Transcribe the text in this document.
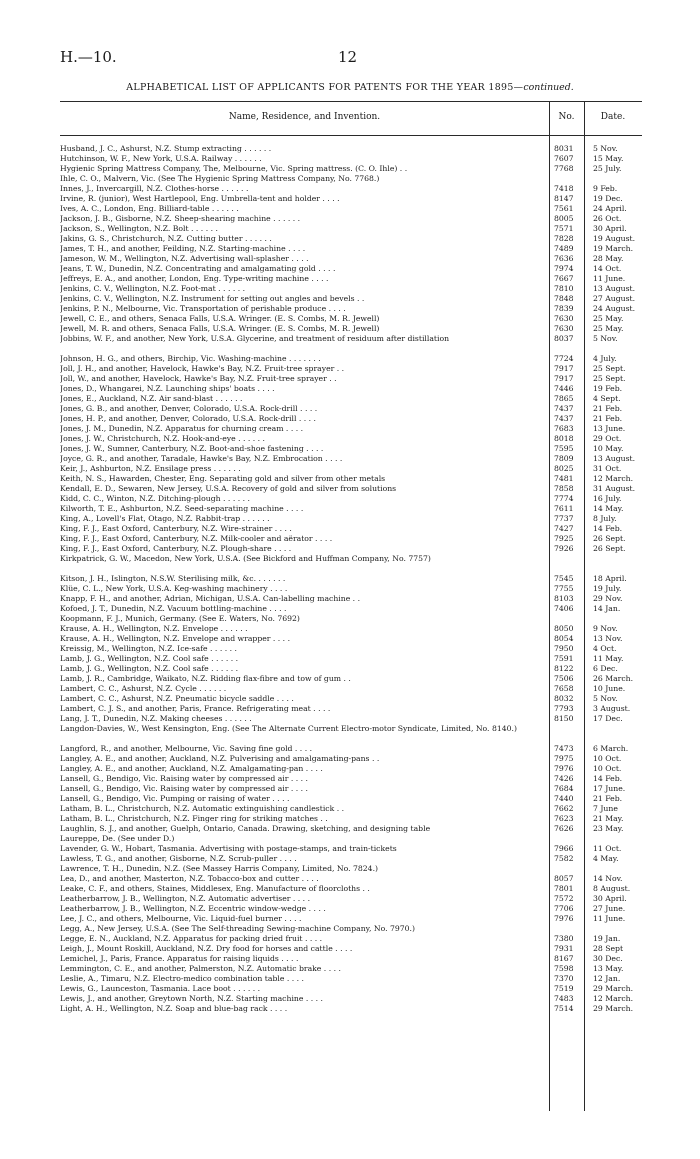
H.—10.	12
ALPHABETICAL LIST OF APPLICANTS FOR PATENTS FOR THE YEAR 1895—continued.
Name, Residence, and Invention.	No.	Date.
Husband, J. C., Ashurst, N.Z. Stump extracting . . . . . .	8031	5 Nov.
Hutchinson, W. F., New York, U.S.A. Railway . . . . . .	7607	15 May.
Hygienic Spring Mattress Company, The, Melbourne, Vic. Spring mattress. (C. O. Ihle) . .	7768	25 July.
Ihle, C. O., Malvern, Vic. (See The Hygienic Spring Mattress Company, No. 7768.)
Innes, J., Invercargill, N.Z. Clothes-horse . . . . . .	7418	9 Feb.
Irvine, R. (junior), West Hartlepool, Eng. Umbrella-tent and holder . . . .	8147	19 Dec.
Ives, A. C., London, Eng. Billiard-table . . . . . .	7561	24 April.
Jackson, J. B., Gisborne, N.Z. Sheep-shearing machine . . . . . .	8005	26 Oct.
Jackson, S., Wellington, N.Z. Bolt . . . . . .	7571	30 April.
Jakins, G. S., Christchurch, N.Z. Cutting butter . . . . . .	7828	19 August.
James, T. H., and another, Feilding, N.Z. Starting-machine . . . .	7489	19 March.
Jameson, W. M., Wellington, N.Z. Advertising wall-splasher . . . .	7636	28 May.
Jeans, T. W., Dunedin, N.Z. Concentrating and amalgamating gold . . . .	7974	14 Oct.
Jeffreys, E. A., and another, London, Eng. Type-writing machine . . . .	7667	11 June.
Jenkins, C. V., Wellington, N.Z. Foot-mat . . . . . .	7810	13 August.
Jenkins, C. V., Wellington, N.Z. Instrument for setting out angles and bevels . .	7848	27 August.
Jenkins, P. N., Melbourne, Vic. Transportation of perishable produce . . . .	7839	24 August.
Jewell, C. E., and others, Senaca Falls, U.S.A. Wringer. (E. S. Combs, M. R. Jewell)	7630	25 May.
Jewell, M. R. and others, Senaca Falls, U.S.A. Wringer. (E. S. Combs, M. R. Jewell)	7630	25 May.
Jobbins, W. F., and another, New York, U.S.A. Glycerine, and treatment of residuum after distillation	8037	5 Nov.
Johnson, H. G., and others, Birchip, Vic. Washing-machine . . . . . . .	7724	4 July.
Joll, J. H., and another, Havelock, Hawke's Bay, N.Z. Fruit-tree sprayer . .	7917	25 Sept.
Joll, W., and another, Havelock, Hawke's Bay, N.Z. Fruit-tree sprayer . .	7917	25 Sept.
Jones, D., Whangarei, N.Z. Launching ships' boats . . . .	7446	19 Feb.
Jones, E., Auckland, N.Z. Air sand-blast . . . . . .	7865	4 Sept.
Jones, G. B., and another, Denver, Colorado, U.S.A. Rock-drill . . . .	7437	21 Feb.
Jones, H. P., and another, Denver, Colorado, U.S.A. Rock-drill . . . .	7437	21 Feb.
Jones, J. M., Dunedin, N.Z. Apparatus for churning cream . . . .	7683	13 June.
Jones, J. W., Christchurch, N.Z. Hook-and-eye . . . . . .	8018	29 Oct.
Jones, J. W., Sumner, Canterbury, N.Z. Boot-and-shoe fastening . . . .	7595	10 May.
Joyce, G. R., and another, Taradale, Hawke's Bay, N.Z. Embrocation . . . .	7809	13 August.
Keir, J., Ashburton, N.Z. Ensilage press . . . . . .	8025	31 Oct.
Keith, N. S., Hawarden, Chester, Eng. Separating gold and silver from other metals	7481	12 March.
Kendall, E. D., Sewaren, New Jersey, U.S.A. Recovery of gold and silver from solutions	7858	31 August.
Kidd, C. C., Winton, N.Z. Ditching-plough . . . . . .	7774	16 July.
Kilworth, T. E., Ashburton, N.Z. Seed-separating machine . . . .	7611	14 May.
King, A., Lovell's Flat, Otago, N.Z. Rabbit-trap . . . . . .	7737	8 July.
King, F. J., East Oxford, Canterbury, N.Z. Wire-strainer . . . .	7427	14 Feb.
King, F. J., East Oxford, Canterbury, N.Z. Milk-cooler and aërator . . . .	7925	26 Sept.
King, F. J., East Oxford, Canterbury, N.Z. Plough-share . . . .	7926	26 Sept.
Kirkpatrick, G. W., Macedon, New York, U.S.A. (See Bickford and Huffman Company, No. 7757)
Kitson, J. H., Islington, N.S.W. Sterilising milk, &c. . . . . . .	7545	18 April.
Klüe, C. L., New York, U.S.A. Keg-washing machinery . . . .	7755	19 July.
Knapp, F. H., and another, Adrian, Michigan, U.S.A. Can-labelling machine . .	8103	29 Nov.
Kofoed, J. T., Dunedin, N.Z. Vacuum bottling-machine . . . .	7406	14 Jan.
Koopmann, F. J., Munich, Germany. (See E. Waters, No. 7692)
Krause, A. H., Wellington, N.Z. Envelope . . . . . .	8050	9 Nov.
Krause, A. H., Wellington, N.Z. Envelope and wrapper . . . .	8054	13 Nov.
Kreissig, M., Wellington, N.Z. Ice-safe . . . . . .	7950	4 Oct.
Lamb, J. G., Wellington, N.Z. Cool safe . . . . . .	7591	11 May.
Lamb, J. G., Wellington, N.Z. Cool safe . . . . . .	8122	6 Dec.
Lamb, J. R., Cambridge, Waikato, N.Z. Ridding flax-fibre and tow of gum . .	7506	26 March.
Lambert, C. C., Ashurst, N.Z. Cycle . . . . . .	7658	10 June.
Lambert, C. C., Ashurst, N.Z. Pneumatic bicycle saddle . . . .	8032	5 Nov.
Lambert, C. J. S., and another, Paris, France. Refrigerating meat . . . .	7793	3 August.
Lang, J. T., Dunedin, N.Z. Making cheeses . . . . . .	8150	17 Dec.
Langdon-Davies, W., West Kensington, Eng. (See The Alternate Current Electro-motor Syndicate, Limited, No. 8140.)
Langford, R., and another, Melbourne, Vic. Saving fine gold . . . .	7473	6 March.
Langley, A. E., and another, Auckland, N.Z. Pulverising and amalgamating-pans . .	7975	10 Oct.
Langley, A. E., and another, Auckland, N.Z. Amalgamating-pan . . . .	7976	10 Oct.
Lansell, G., Bendigo, Vic. Raising water by compressed air . . . .	7426	14 Feb.
Lansell, G., Bendigo, Vic. Raising water by compressed air . . . .	7684	17 June.
Lansell, G., Bendigo, Vic. Pumping or raising of water . . . .	7440	21 Feb.
Latham, B. L., Christchurch, N.Z. Automatic extinguishing candlestick . .	7662	7 June
Latham, B. L., Christchurch, N.Z. Finger ring for striking matches . .	7623	21 May.
Laughlin, S. J., and another, Guelph, Ontario, Canada. Drawing, sketching, and designing table	7626	23 May.
Laureppe, De. (See under D.)
Lavender, G. W., Hobart, Tasmania. Advertising with postage-stamps, and train-tickets	7966	11 Oct.
Lawless, T. G., and another, Gisborne, N.Z. Scrub-puller . . . .	7582	4 May.
Lawrence, T. H., Dunedin, N.Z. (See Massey Harris Company, Limited, No. 7824.)
Lea, D., and another, Masterton, N.Z. Tobacco-box and cutter . . . .	8057	14 Nov.
Leake, C. F., and others, Staines, Middlesex, Eng. Manufacture of floorcloths . .	7801	8 August.
Leatherbarrow, J. B., Wellington, N.Z. Automatic advertiser . . . .	7572	30 April.
Leatherbarrow, J. B., Wellington, N.Z. Eccentric window-wedge . . . .	7706	27 June.
Lee, J. C., and others, Melbourne, Vic. Liquid-fuel burner . . . .	7976	11 June.
Legg, A., New Jersey, U.S.A. (See The Self-threading Sewing-machine Company, No. 7970.)
Legge, E. N., Auckland, N.Z. Apparatus for packing dried fruit . . . .	7380	19 Jan.
Leigh, J., Mount Roskill, Auckland, N.Z. Dry food for horses and cattle . . . .	7931	28 Sept
Lemichel, J., Paris, France. Apparatus for raising liquids . . . .	8167	30 Dec.
Lemmington, C. E., and another, Palmerston, N.Z. Automatic brake . . . .	7598	13 May.
Leslie, A., Timaru, N.Z. Electro-medico combination table . . . .	7370	12 Jan.
Lewis, G., Launceston, Tasmania. Lace boot . . . . . .	7519	29 March.
Lewis, J., and another, Greytown North, N.Z. Starting machine . . . .	7483	12 March.
Light, A. H., Wellington, N.Z. Soap and blue-bag rack . . . .	7514	29 March.
